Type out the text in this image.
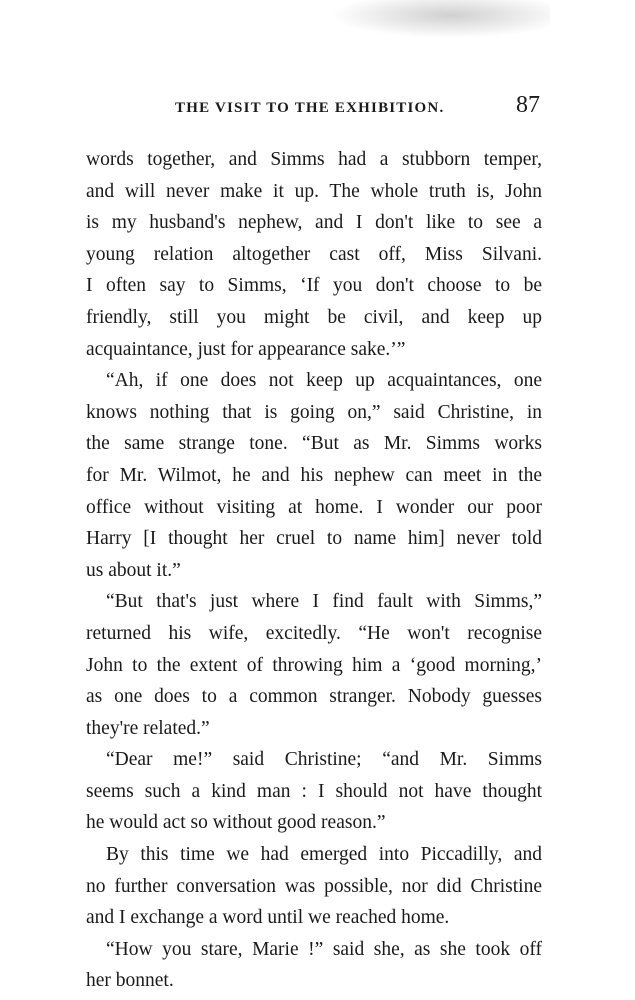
THE VISIT TO THE EXHIBITION.	87
words together, and Simms had a stubborn temper,
and will never make it up. The whole truth is, John
is my husband's nephew, and I don't like to see a
young relation altogether cast off, Miss Silvani.
I often say to Simms, ‘If you don't choose to be
friendly, still you might be civil, and keep up
acquaintance, just for appearance sake.’”
“Ah, if one does not keep up acquaintances, one
knows nothing that is going on,” said Christine, in
the same strange tone. “But as Mr. Simms works
for Mr. Wilmot, he and his nephew can meet in the
office without visiting at home. I wonder our poor
Harry [I thought her cruel to name him] never told
us about it.”
“But that's just where I find fault with Simms,”
returned his wife, excitedly. “He won't recognise
John to the extent of throwing him a ‘good morning,’
as one does to a common stranger. Nobody guesses
they're related.”
“Dear me!” said Christine; “and Mr. Simms
seems such a kind man : I should not have thought
he would act so without good reason.”
By this time we had emerged into Piccadilly, and
no further conversation was possible, nor did Christine
and I exchange a word until we reached home.
“How you stare, Marie !” said she, as she took off
her bonnet.
